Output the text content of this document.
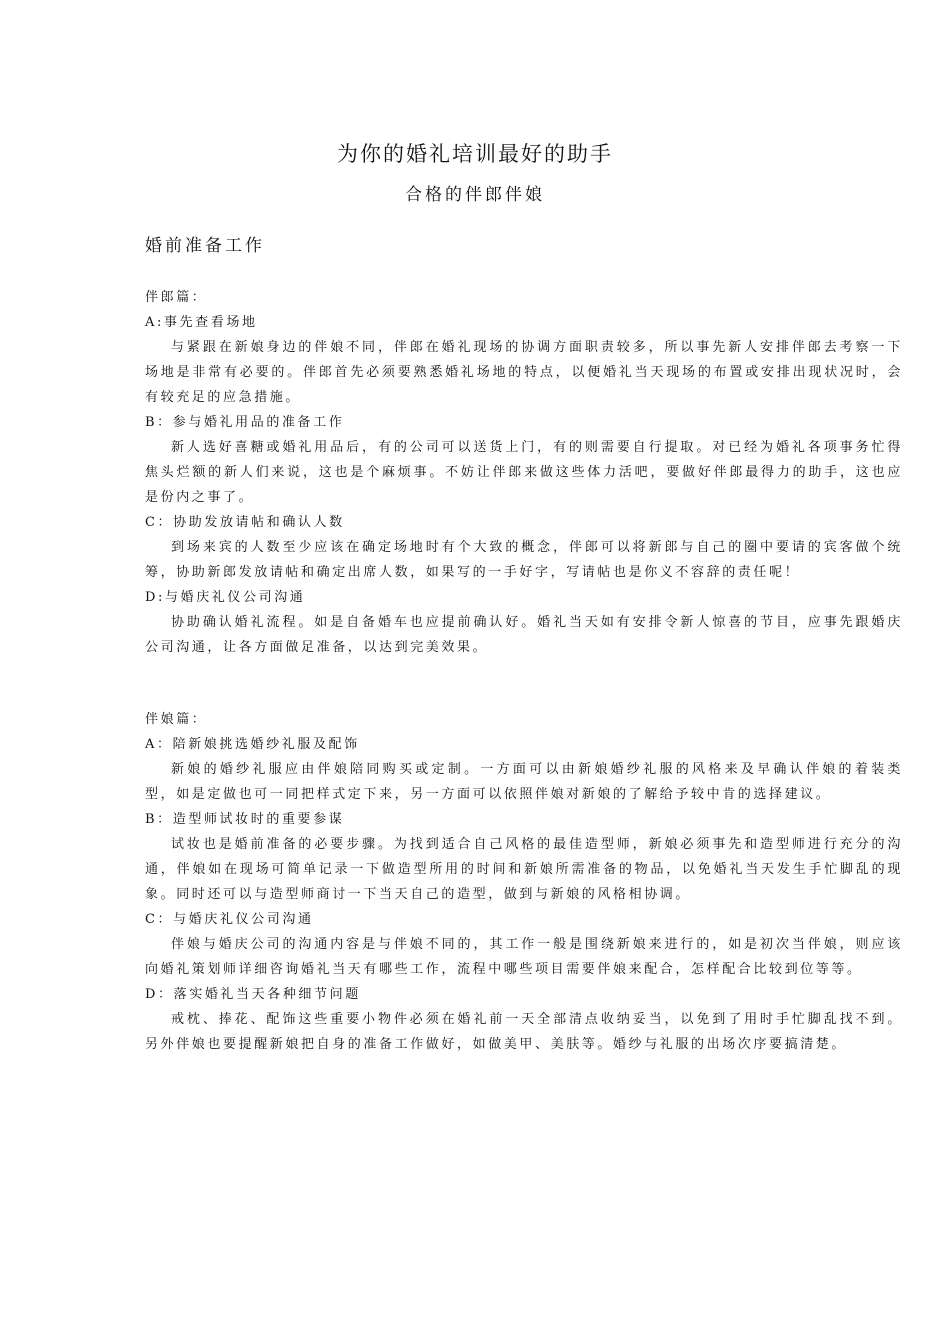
为你的婚礼培训最好的助手
合格的伴郎伴娘
婚前准备工作

伴郎篇：

A:事先查看场地

与紧跟在新娘身边的伴娘不同，伴郎在婚礼现场的协调方面职责较多，所以事先新人安排伴郎去考察一下场地是非常有必要的。伴郎首先必须要熟悉婚礼场地的特点，以便婚礼当天现场的布置或安排出现状况时，会有较充足的应急措施。

B：参与婚礼用品的准备工作

新人选好喜糖或婚礼用品后，有的公司可以送货上门，有的则需要自行提取。对已经为婚礼各项事务忙得焦头烂额的新人们来说，这也是个麻烦事。不妨让伴郎来做这些体力活吧，要做好伴郎最得力的助手，这也应是份内之事了。

C：协助发放请帖和确认人数

到场来宾的人数至少应该在确定场地时有个大致的概念，伴郎可以将新郎与自己的圈中要请的宾客做个统筹，协助新郎发放请帖和确定出席人数，如果写的一手好字，写请帖也是你义不容辞的责任呢！

D:与婚庆礼仪公司沟通

协助确认婚礼流程。如是自备婚车也应提前确认好。婚礼当天如有安排令新人惊喜的节目，应事先跟婚庆公司沟通，让各方面做足准备，以达到完美效果。

伴娘篇：

A：陪新娘挑选婚纱礼服及配饰

新娘的婚纱礼服应由伴娘陪同购买或定制。一方面可以由新娘婚纱礼服的风格来及早确认伴娘的着装类型，如是定做也可一同把样式定下来，另一方面可以依照伴娘对新娘的了解给予较中肯的选择建议。

B：造型师试妆时的重要参谋

试妆也是婚前准备的必要步骤。为找到适合自己风格的最佳造型师，新娘必须事先和造型师进行充分的沟通，伴娘如在现场可简单记录一下做造型所用的时间和新娘所需准备的物品，以免婚礼当天发生手忙脚乱的现象。同时还可以与造型师商讨一下当天自己的造型，做到与新娘的风格相协调。

C：与婚庆礼仪公司沟通

伴娘与婚庆公司的沟通内容是与伴娘不同的，其工作一般是围绕新娘来进行的，如是初次当伴娘，则应该向婚礼策划师详细咨询婚礼当天有哪些工作，流程中哪些项目需要伴娘来配合，怎样配合比较到位等等。

D：落实婚礼当天各种细节问题

戒枕、捧花、配饰这些重要小物件必须在婚礼前一天全部清点收纳妥当，以免到了用时手忙脚乱找不到。另外伴娘也要提醒新娘把自身的准备工作做好，如做美甲、美肤等。婚纱与礼服的出场次序要搞清楚。
